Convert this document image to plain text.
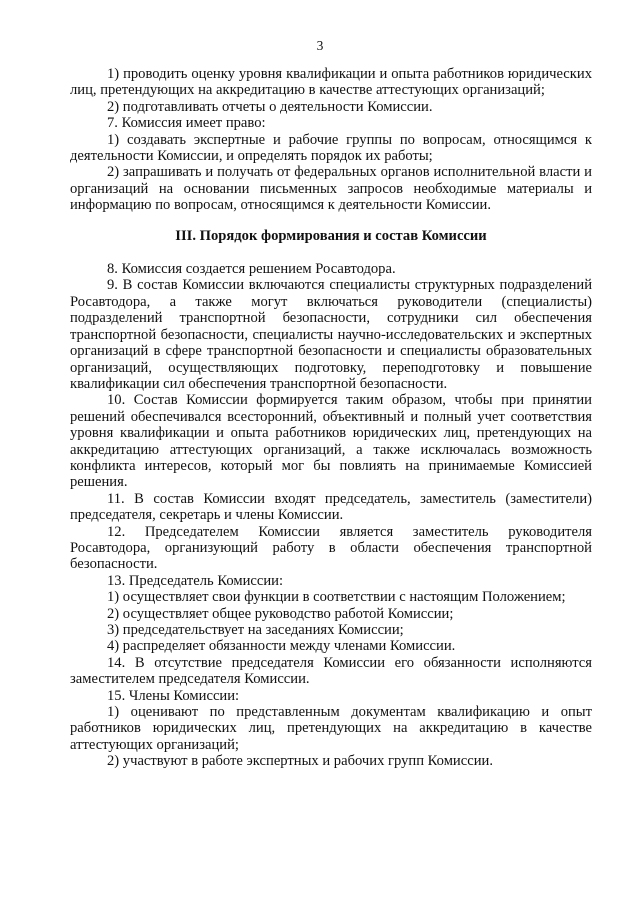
3

1) проводить оценку уровня квалификации и опыта работников юридических лиц, претендующих на аккредитацию в качестве аттестующих организаций;

2) подготавливать отчеты о деятельности Комиссии.

7. Комиссия имеет право:

1) создавать экспертные и рабочие группы по вопросам, относящимся к деятельности Комиссии, и определять порядок их работы;

2) запрашивать и получать от федеральных органов исполнительной власти и организаций на основании письменных запросов необходимые материалы и информацию по вопросам, относящимся к деятельности Комиссии.

III. Порядок формирования и состав Комиссии

8. Комиссия создается решением Росавтодора.

9. В состав Комиссии включаются специалисты структурных подразделений Росавтодора, а также могут включаться руководители (специалисты) подразделений транспортной безопасности, сотрудники сил обеспечения транспортной безопасности, специалисты научно-исследовательских и экспертных организаций в сфере транспортной безопасности и специалисты образовательных организаций, осуществляющих подготовку, переподготовку и повышение квалификации сил обеспечения транспортной безопасности.

10. Состав Комиссии формируется таким образом, чтобы при принятии решений обеспечивался всесторонний, объективный и полный учет соответствия уровня квалификации и опыта работников юридических лиц, претендующих на аккредитацию аттестующих организаций, а также исключалась возможность конфликта интересов, который мог бы повлиять на принимаемые Комиссией решения.

11. В состав Комиссии входят председатель, заместитель (заместители) председателя, секретарь и члены Комиссии.

12. Председателем Комиссии является заместитель руководителя Росавтодора, организующий работу в области обеспечения транспортной безопасности.

13. Председатель Комиссии:

1) осуществляет свои функции в соответствии с настоящим Положением;

2) осуществляет общее руководство работой Комиссии;

3) председательствует на заседаниях Комиссии;

4) распределяет обязанности между членами Комиссии.

14. В отсутствие председателя Комиссии его обязанности исполняются заместителем председателя Комиссии.

15. Члены Комиссии:

1) оценивают по представленным документам квалификацию и опыт работников юридических лиц, претендующих на аккредитацию в качестве аттестующих организаций;

2) участвуют в работе экспертных и рабочих групп Комиссии.
